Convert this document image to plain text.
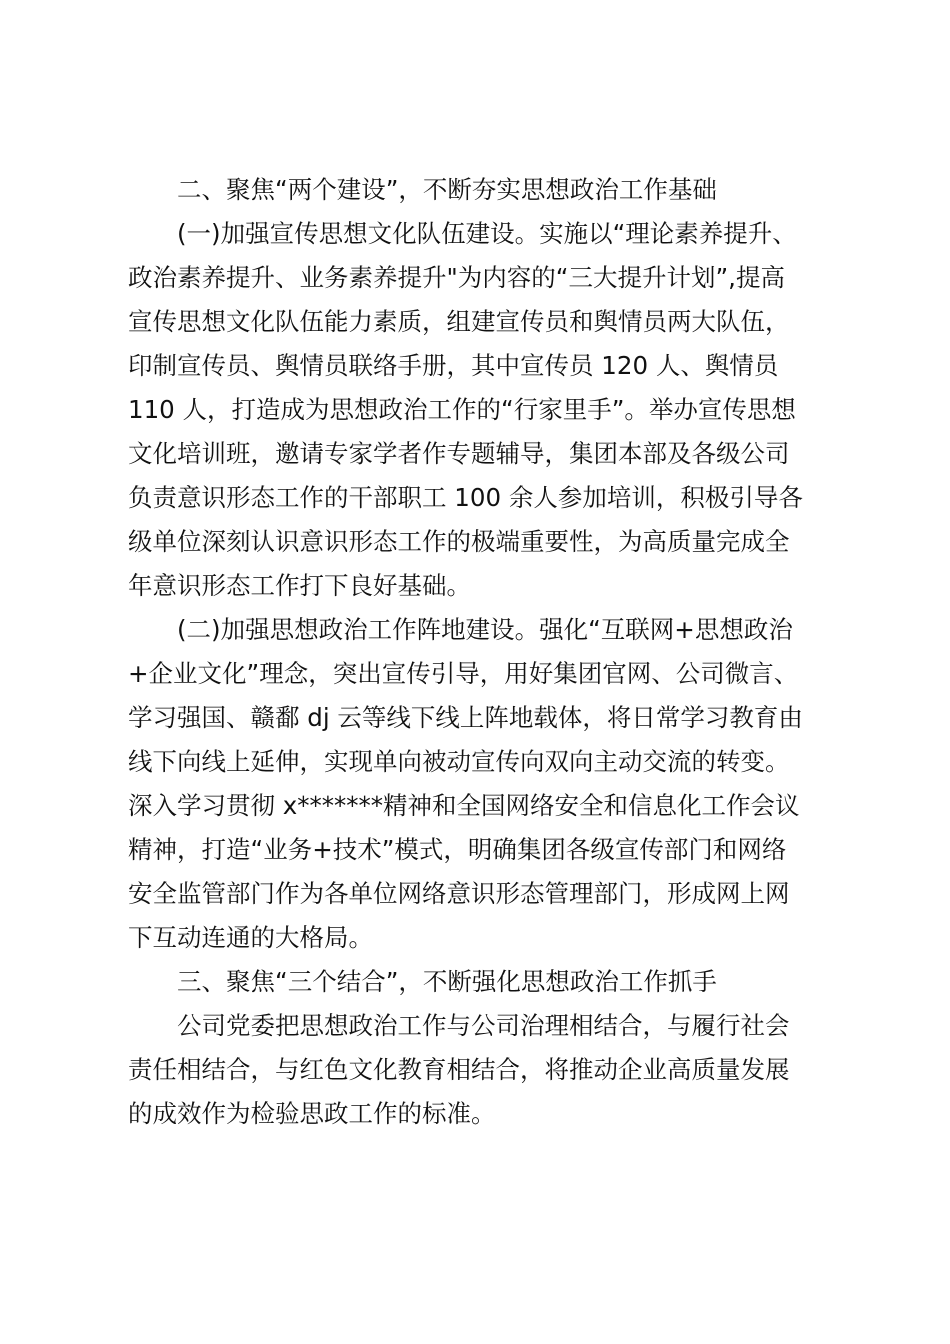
二、聚焦“两个建设”，不断夯实思想政治工作基础
(一)加强宣传思想文化队伍建设。实施以“理论素养提升、
政治素养提升、业务素养提升"为内容的“三大提升计划”,提高
宣传思想文化队伍能力素质，组建宣传员和舆情员两大队伍，
印制宣传员、舆情员联络手册，其中宣传员 120 人、舆情员
110 人，打造成为思想政治工作的“行家里手”。举办宣传思想
文化培训班，邀请专家学者作专题辅导，集团本部及各级公司
负责意识形态工作的干部职工 100 余人参加培训，积极引导各
级单位深刻认识意识形态工作的极端重要性，为高质量完成全
年意识形态工作打下良好基础。
(二)加强思想政治工作阵地建设。强化“互联网+思想政治
+企业文化”理念，突出宣传引导，用好集团官网、公司微言、
学习强国、赣鄱 dj 云等线下线上阵地载体，将日常学习教育由
线下向线上延伸，实现单向被动宣传向双向主动交流的转变。
深入学习贯彻 x*******精神和全国网络安全和信息化工作会议
精神，打造“业务+技术”模式，明确集团各级宣传部门和网络
安全监管部门作为各单位网络意识形态管理部门，形成网上网
下互动连通的大格局。
三、聚焦“三个结合”，不断强化思想政治工作抓手
公司党委把思想政治工作与公司治理相结合，与履行社会
责任相结合，与红色文化教育相结合，将推动企业高质量发展
的成效作为检验思政工作的标准。
